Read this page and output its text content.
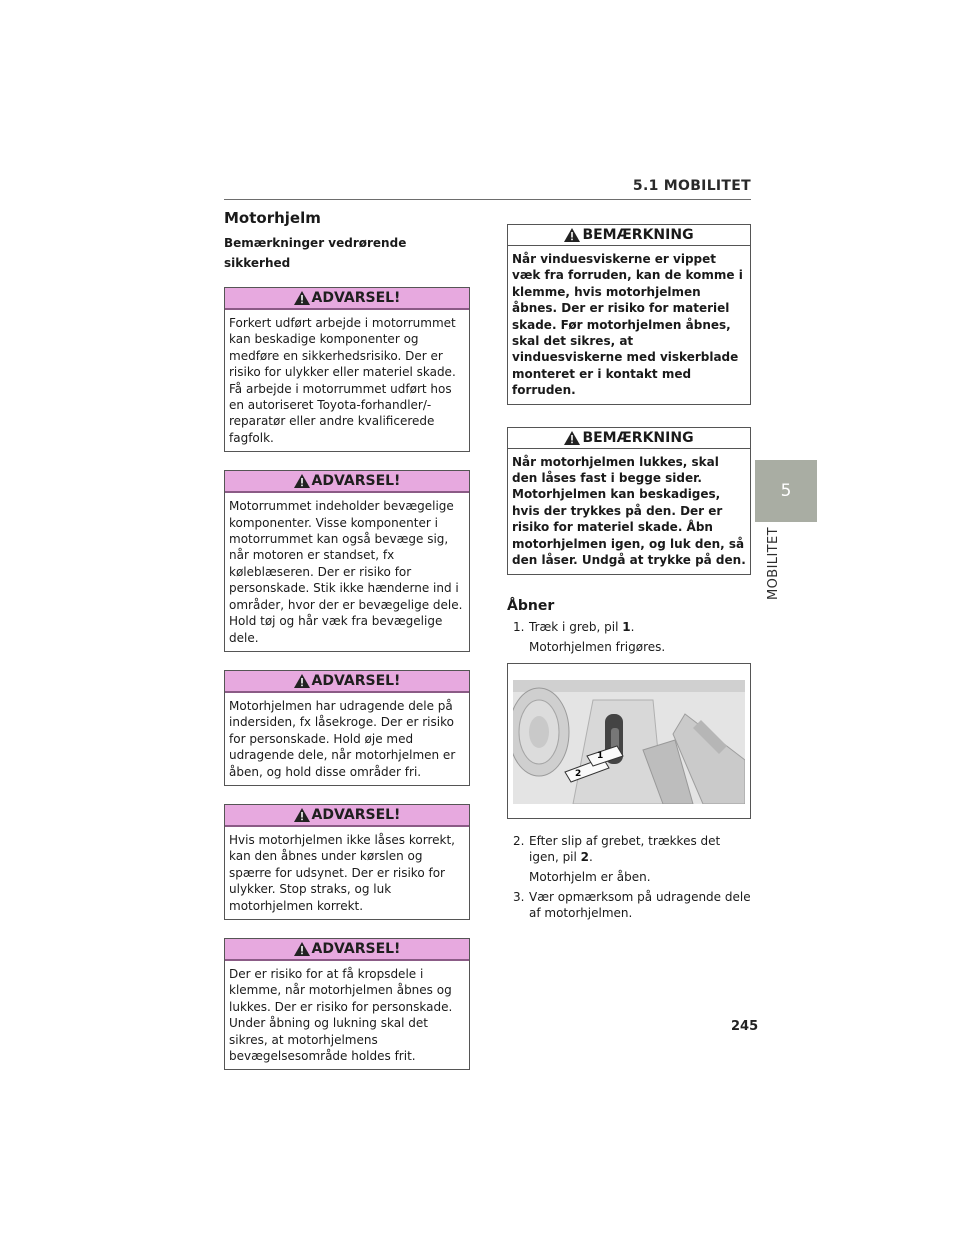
5.1 MOBILITET
5
MOBILITET
Motorhjelm
Bemærkninger vedrørende sikkerhed
ADVARSEL!
Forkert udført arbejde i motorrummet kan beskadige komponenter og medføre en sikkerhedsrisiko. Der er risiko for ulykker eller materiel skade. Få arbejde i motorrummet udført hos en autoriseret Toyota-forhandler/-reparatør eller andre kvalificerede fagfolk.
ADVARSEL!
Motorrummet indeholder bevægelige komponenter. Visse komponenter i motorrummet kan også bevæge sig, når motoren er standset, fx køleblæseren. Der er risiko for personskade. Stik ikke hænderne ind i områder, hvor der er bevægelige dele. Hold tøj og hår væk fra bevægelige dele.
ADVARSEL!
Motorhjelmen har udragende dele på indersiden, fx låsekroge. Der er risiko for personskade. Hold øje med udragende dele, når motorhjelmen er åben, og hold disse områder fri.
ADVARSEL!
Hvis motorhjelmen ikke låses korrekt, kan den åbnes under kørslen og spærre for udsynet. Der er risiko for ulykker. Stop straks, og luk motorhjelmen korrekt.
ADVARSEL!
Der er risiko for at få kropsdele i klemme, når motorhjelmen åbnes og lukkes. Der er risiko for personskade. Under åbning og lukning skal det sikres, at motorhjelmens bevægelsesområde holdes frit.
BEMÆRKNING
Når vinduesviskerne er vippet væk fra forruden, kan de komme i klemme, hvis motorhjelmen åbnes. Der er risiko for materiel skade. Før motorhjelmen åbnes, skal det sikres, at vinduesviskerne med viskerblade monteret er i kontakt med forruden.
BEMÆRKNING
Når motorhjelmen lukkes, skal den låses fast i begge sider. Motorhjelmen kan beskadiges, hvis der trykkes på den. Der er risiko for materiel skade. Åbn motorhjelmen igen, og luk den, så den låser. Undgå at trykke på den.
Åbner
1. Træk i greb, pil 1.
Motorhjelmen frigøres.
1
2
2. Efter slip af grebet, trækkes det igen, pil 2.
Motorhjelm er åben.
3. Vær opmærksom på udragende dele af motorhjelmen.
245
